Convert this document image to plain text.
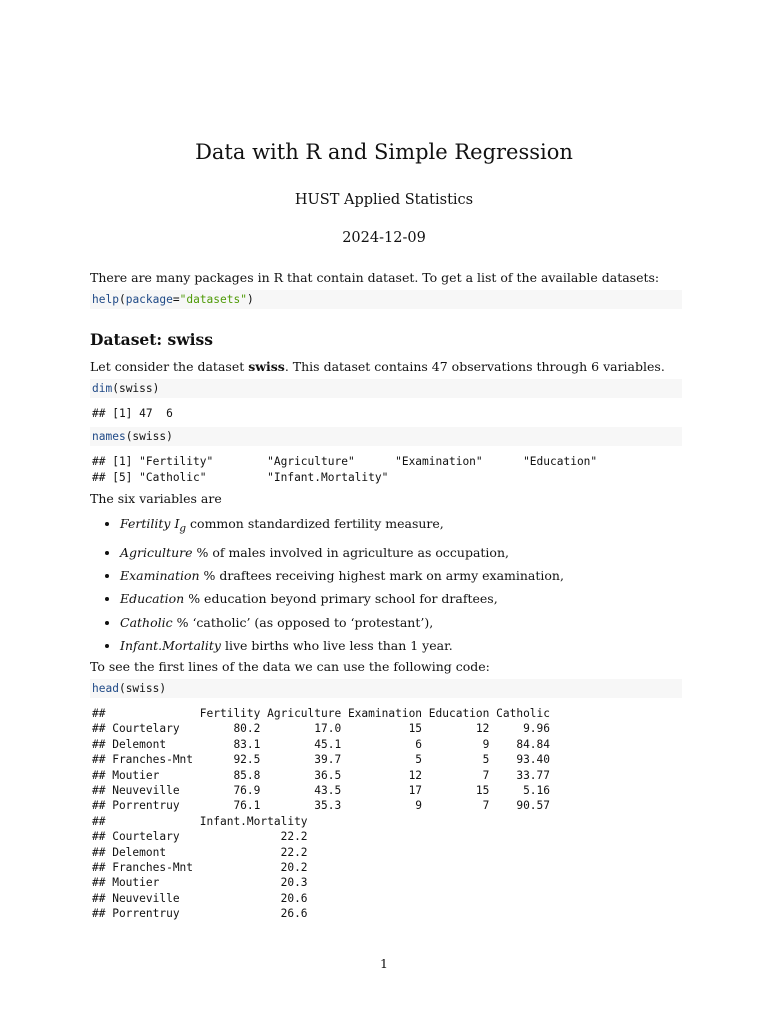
Data with R and Simple Regression
HUST Applied Statistics
2024-12-09

There are many packages in R that contain dataset. To get a list of the available datasets:

help(package="datasets")
Dataset: swiss

Let consider the dataset swiss. This dataset contains 47 observations through 6 variables.

dim(swiss)
## [1] 47  6
names(swiss)
## [1] "Fertility"        "Agriculture"      "Examination"      "Education"
## [5] "Catholic"         "Infant.Mortality"

The six variables are

• Fertility $I_g$ common standardized fertility measure,
• Agriculture % of males involved in agriculture as occupation,
• Examination % draftees receiving highest mark on army examination,
• Education % education beyond primary school for draftees,
• Catholic % ‘catholic’ (as opposed to ‘protestant’),
• Infant.Mortality live births who live less than 1 year.

To see the first lines of the data we can use the following code:

head(swiss)
##              Fertility Agriculture Examination Education Catholic
## Courtelary        80.2        17.0          15        12     9.96
## Delemont          83.1        45.1           6         9    84.84
## Franches-Mnt      92.5        39.7           5         5    93.40
## Moutier           85.8        36.5          12         7    33.77
## Neuveville        76.9        43.5          17        15     5.16
## Porrentruy        76.1        35.3           9         7    90.57
##              Infant.Mortality
## Courtelary               22.2
## Delemont                 22.2
## Franches-Mnt             20.2
## Moutier                  20.3
## Neuveville               20.6
## Porrentruy               26.6
1
